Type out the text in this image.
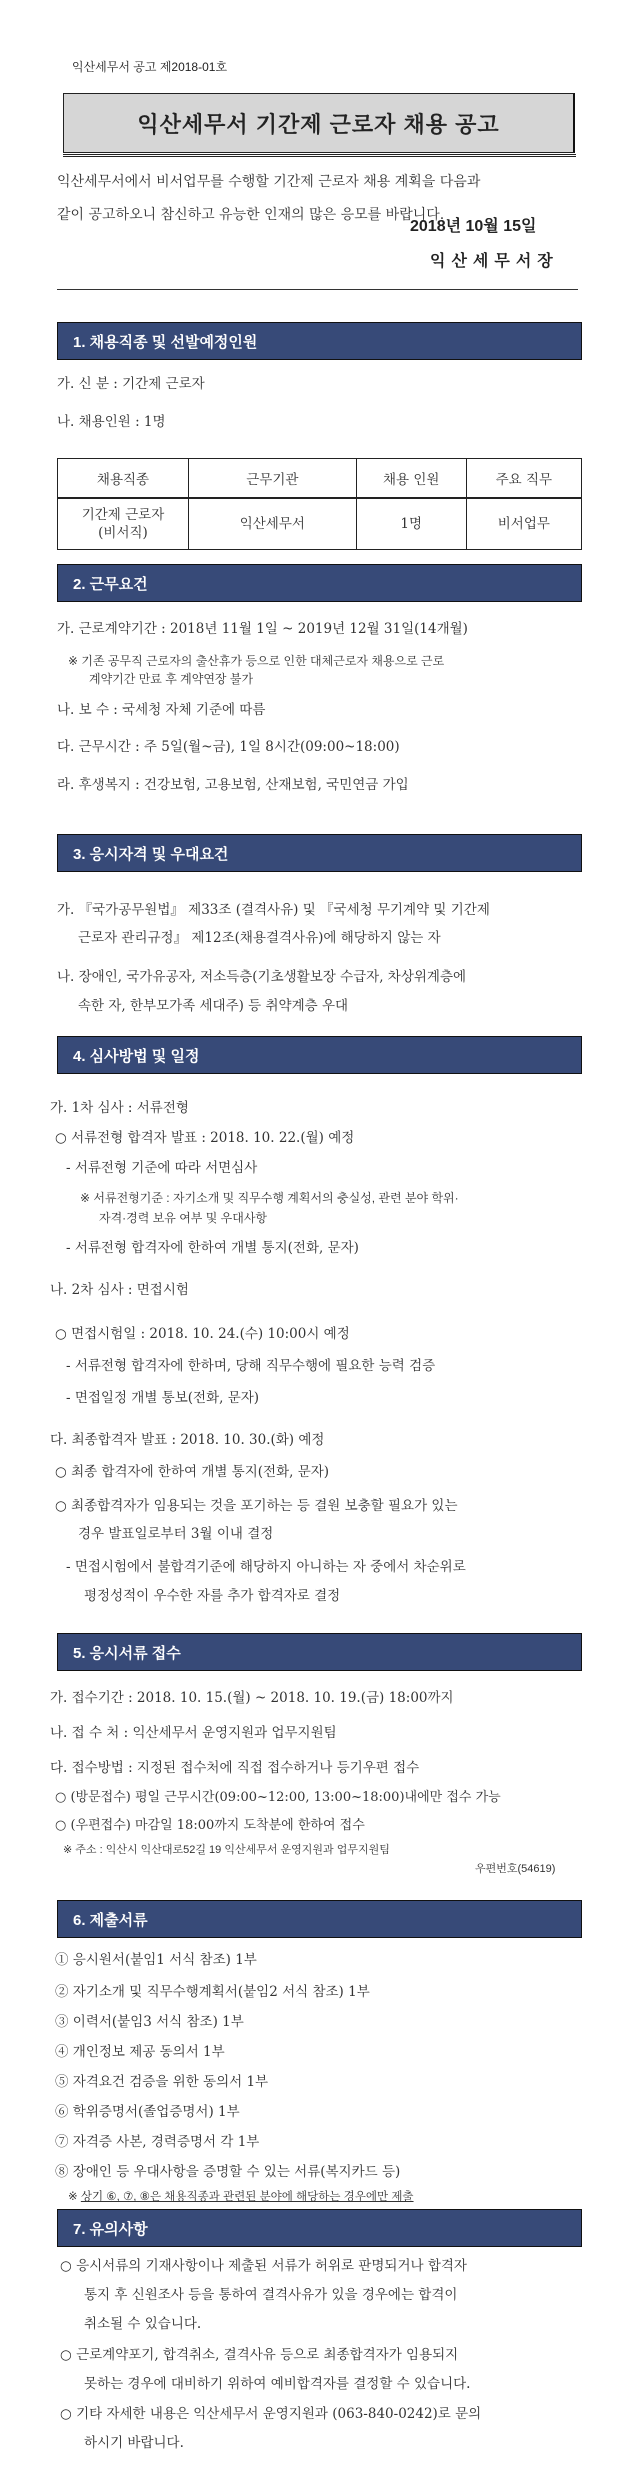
익산세무서 공고 제2018-01호
익산세무서 기간제 근로자 채용 공고
익산세무서에서 비서업무를 수행할 기간제 근로자 채용 계획을 다음과
같이 공고하오니 참신하고 유능한 인재의 많은 응모를 바랍니다.
2018년 10월 15일
익산세무서장
1. 채용직종 및 선발예정인원
가. 신 분 : 기간제 근로자
나. 채용인원 : 1명
채용직종	근무기관	채용 인원	주요 직무

기간제 근로자
(비서직)	익산세무서	1명	비서업무
2. 근무요건
가. 근로계약기간 : 2018년 11월 1일 ~ 2019년 12월 31일(14개월)
※ 기존 공무직 근로자의 출산휴가 등으로 인한 대체근로자 채용으로 근로
계약기간 만료 후 계약연장 불가
나. 보 수 : 국세청 자체 기준에 따름
다. 근무시간 : 주 5일(월~금), 1일 8시간(09:00~18:00)
라. 후생복지 : 건강보험, 고용보험, 산재보험, 국민연금 가입
3. 응시자격 및 우대요건
가. 『국가공무원법』 제33조 (결격사유) 및 『국세청 무기계약 및 기간제
근로자 관리규정』 제12조(채용결격사유)에 해당하지 않는 자
나. 장애인, 국가유공자, 저소득층(기초생활보장 수급자, 차상위계층에
속한 자, 한부모가족 세대주) 등 취약계층 우대
4. 심사방법 및 일정
가. 1차 심사 : 서류전형
○ 서류전형 합격자 발표 : 2018. 10. 22.(월) 예정
- 서류전형 기준에 따라 서면심사
※ 서류전형기준 : 자기소개 및 직무수행 계획서의 충실성, 관련 분야 학위·
자격·경력 보유 여부 및 우대사항
- 서류전형 합격자에 한하여 개별 통지(전화, 문자)
나. 2차 심사 : 면접시험
○ 면접시험일 : 2018. 10. 24.(수) 10:00시 예정
- 서류전형 합격자에 한하며, 당해 직무수행에 필요한 능력 검증
- 면접일정 개별 통보(전화, 문자)
다. 최종합격자 발표 : 2018. 10. 30.(화) 예정
○ 최종 합격자에 한하여 개별 통지(전화, 문자)
○ 최종합격자가 임용되는 것을 포기하는 등 결원 보충할 필요가 있는
경우 발표일로부터 3월 이내 결정
- 면접시험에서 불합격기준에 해당하지 아니하는 자 중에서 차순위로
평정성적이 우수한 자를 추가 합격자로 결정
5. 응시서류 접수
가. 접수기간 : 2018. 10. 15.(월) ~ 2018. 10. 19.(금) 18:00까지
나. 접 수 처 : 익산세무서 운영지원과 업무지원팀
다. 접수방법 : 지정된 접수처에 직접 접수하거나 등기우편 접수
○ (방문접수) 평일 근무시간(09:00~12:00, 13:00~18:00)내에만 접수 가능
○ (우편접수) 마감일 18:00까지 도착분에 한하여 접수
※ 주소 : 익산시 익산대로52길 19 익산세무서 운영지원과 업무지원팀
우편번호(54619)
6. 제출서류
① 응시원서(붙임1 서식 참조) 1부
② 자기소개 및 직무수행계획서(붙임2 서식 참조) 1부
③ 이력서(붙임3 서식 참조) 1부
④ 개인정보 제공 동의서 1부
⑤ 자격요건 검증을 위한 동의서 1부
⑥ 학위증명서(졸업증명서) 1부
⑦ 자격증 사본, 경력증명서 각 1부
⑧ 장애인 등 우대사항을 증명할 수 있는 서류(복지카드 등)
※ 상기 ⑥, ⑦, ⑧은 채용직종과 관련된 분야에 해당하는 경우에만 제출
7. 유의사항
○ 응시서류의 기재사항이나 제출된 서류가 허위로 판명되거나 합격자
통지 후 신원조사 등을 통하여 결격사유가 있을 경우에는 합격이
취소될 수 있습니다.
○ 근로계약포기, 합격취소, 결격사유 등으로 최종합격자가 임용되지
못하는 경우에 대비하기 위하여 예비합격자를 결정할 수 있습니다.
○ 기타 자세한 내용은 익산세무서 운영지원과 (063-840-0242)로 문의
하시기 바랍니다.
